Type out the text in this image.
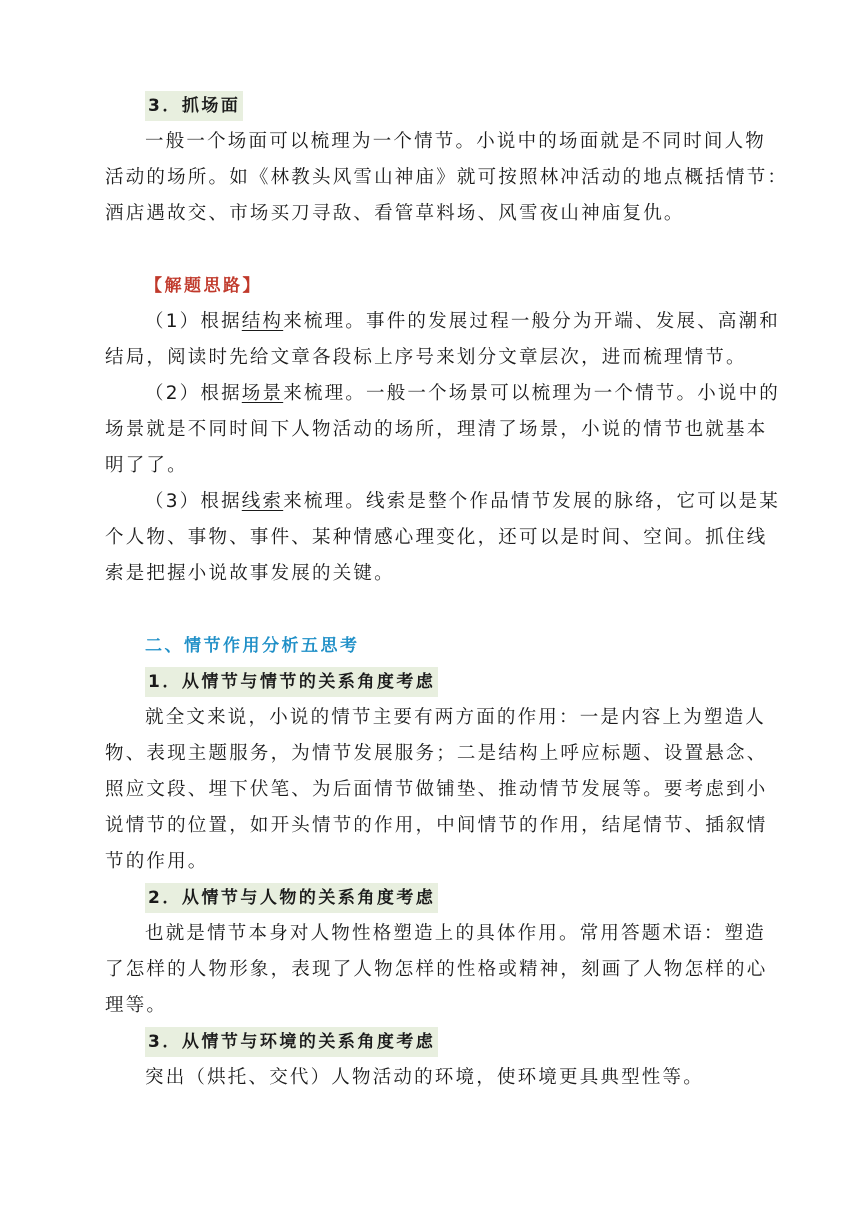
3．抓场面

一般一个场面可以梳理为一个情节。小说中的场面就是不同时间人物

活动的场所。如《林教头风雪山神庙》就可按照林冲活动的地点概括情节：

酒店遇故交、市场买刀寻敌、看管草料场、风雪夜山神庙复仇。

【解题思路】

（1）根据结构来梳理。事件的发展过程一般分为开端、发展、高潮和

结局，阅读时先给文章各段标上序号来划分文章层次，进而梳理情节。

（2）根据场景来梳理。一般一个场景可以梳理为一个情节。小说中的

场景就是不同时间下人物活动的场所，理清了场景，小说的情节也就基本

明了了。

（3）根据线索来梳理。线索是整个作品情节发展的脉络，它可以是某

个人物、事物、事件、某种情感心理变化，还可以是时间、空间。抓住线

索是把握小说故事发展的关键。

二、情节作用分析五思考

1．从情节与情节的关系角度考虑

就全文来说，小说的情节主要有两方面的作用：一是内容上为塑造人

物、表现主题服务，为情节发展服务；二是结构上呼应标题、设置悬念、

照应文段、埋下伏笔、为后面情节做铺垫、推动情节发展等。要考虑到小

说情节的位置，如开头情节的作用，中间情节的作用，结尾情节、插叙情

节的作用。

2．从情节与人物的关系角度考虑

也就是情节本身对人物性格塑造上的具体作用。常用答题术语：塑造

了怎样的人物形象，表现了人物怎样的性格或精神，刻画了人物怎样的心

理等。

3．从情节与环境的关系角度考虑

突出（烘托、交代）人物活动的环境，使环境更具典型性等。
